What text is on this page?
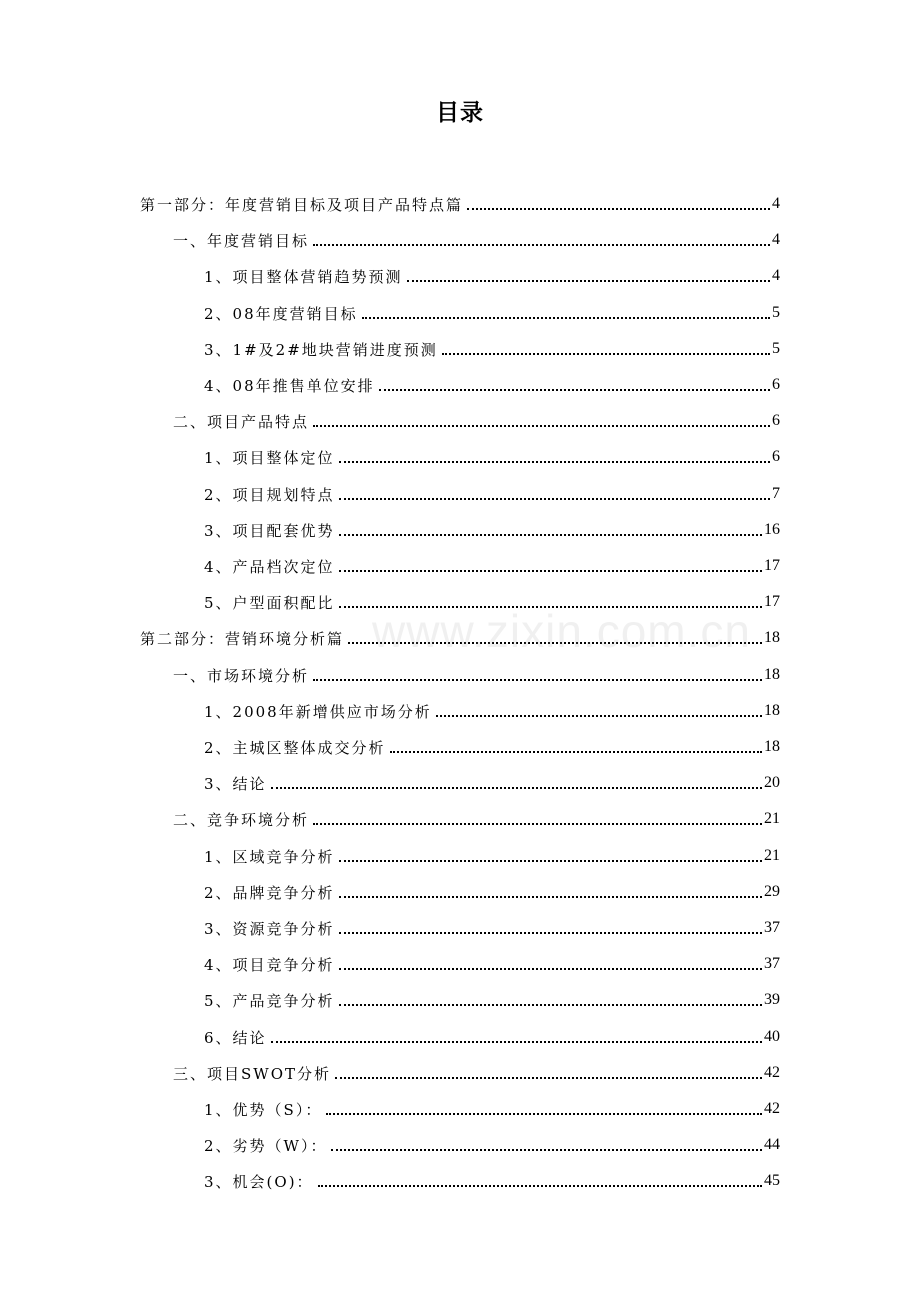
目录
第一部分：年度营销目标及项目产品特点篇	4
一、年度营销目标	4
1、项目整体营销趋势预测	4
2、08年度营销目标	5
3、1#及2#地块营销进度预测	5
4、08年推售单位安排	6
二、项目产品特点	6
1、项目整体定位	6
2、项目规划特点	7
3、项目配套优势	16
4、产品档次定位	17
5、户型面积配比	17
第二部分：营销环境分析篇	18
一、市场环境分析	18
1、2008年新增供应市场分析	18
2、主城区整体成交分析	18
3、结论	20
二、竞争环境分析	21
1、区域竞争分析	21
2、品牌竞争分析	29
3、资源竞争分析	37
4、项目竞争分析	37
5、产品竞争分析	39
6、结论	40
三、项目SWOT分析	42
1、优势（S）：	42
2、劣势（W）：	44
3、机会(O)：	45
www.zixin.com.cn
